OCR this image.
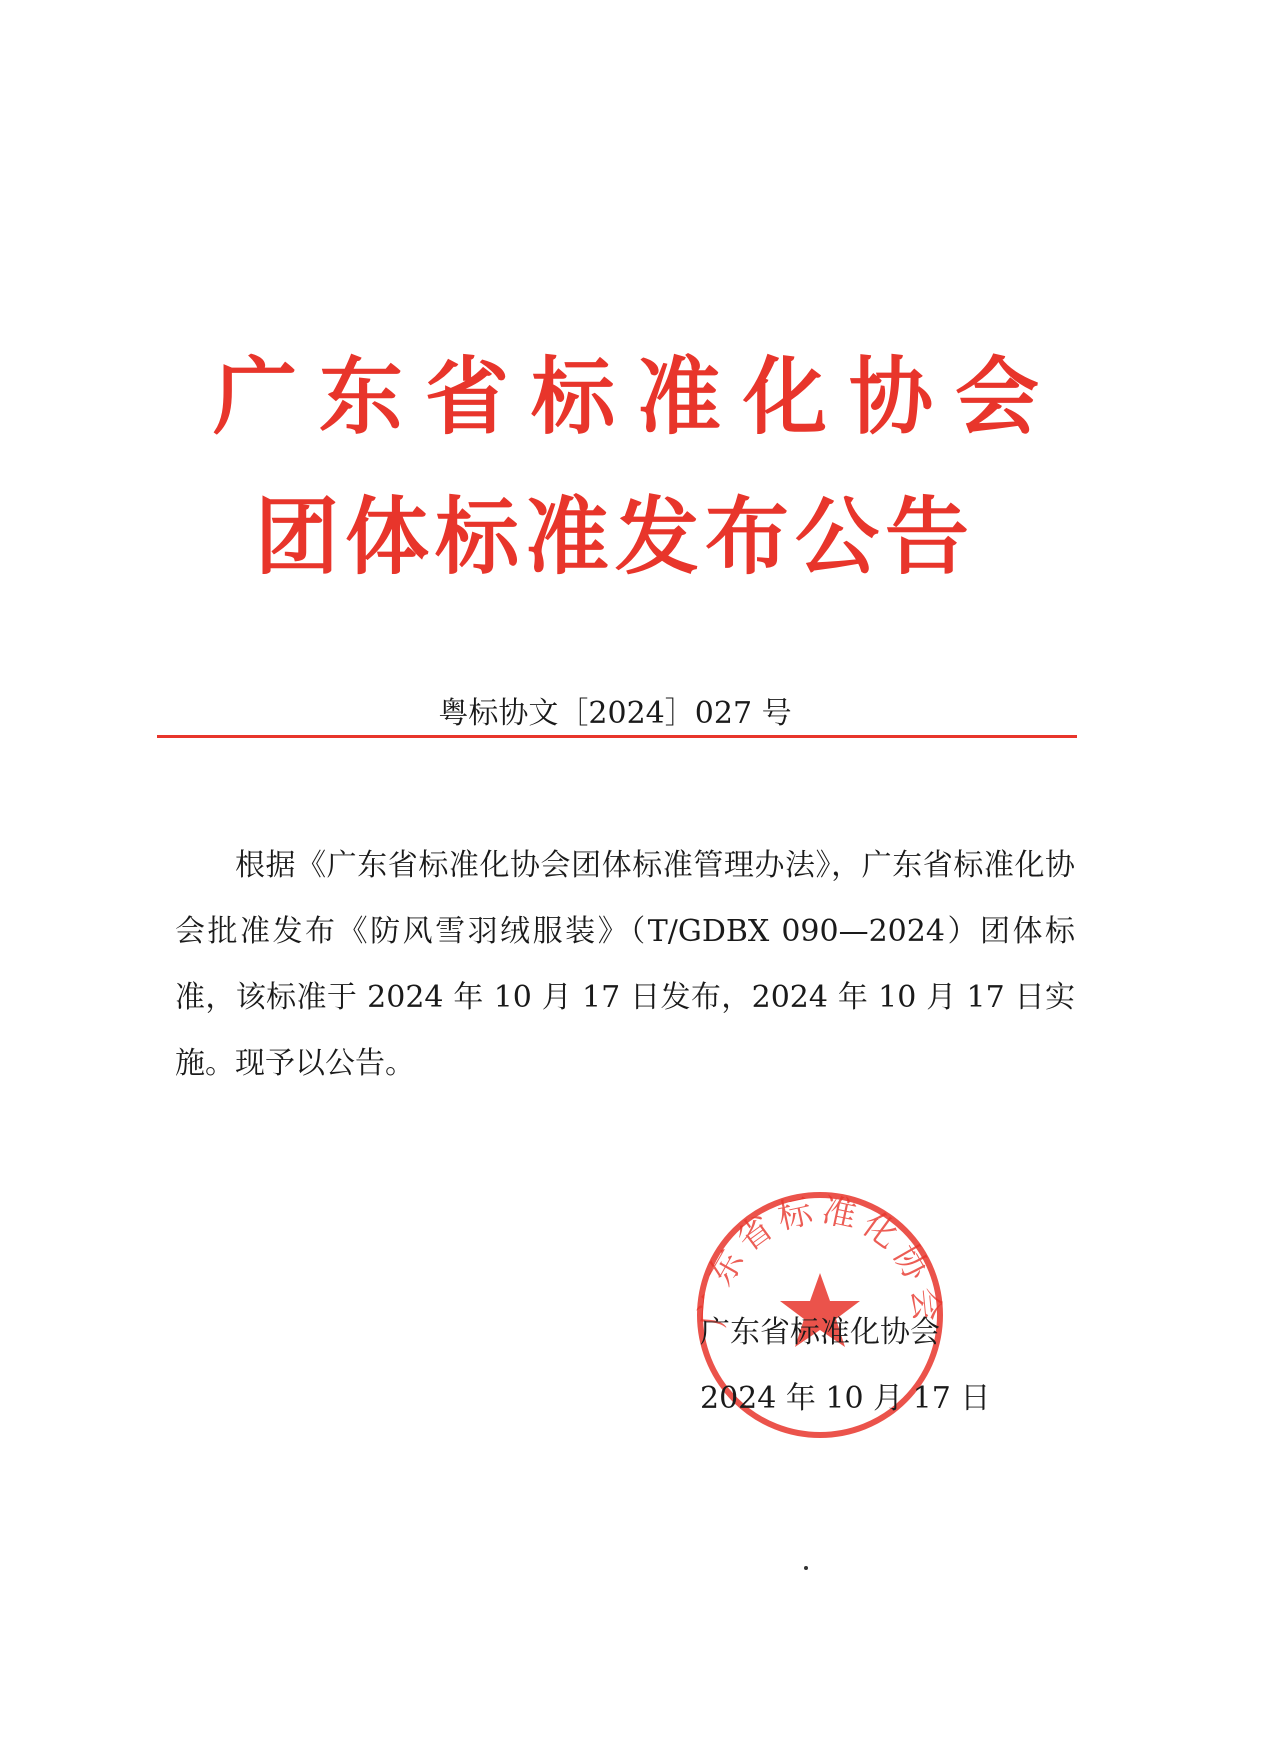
广东省标准化协会
团体标准发布公告
粤标协文［2024］027 号
根据《广东省标准化协会团体标准管理办法》，广东省标准化协会批准发布《防风雪羽绒服装》（T/GDBX 090—2024）团体标准，该标准于 2024 年 10 月 17 日发布，2024 年 10 月 17 日实施。现予以公告。
广东省标准化协会
广东省标准化协会
2024 年 10 月 17 日
